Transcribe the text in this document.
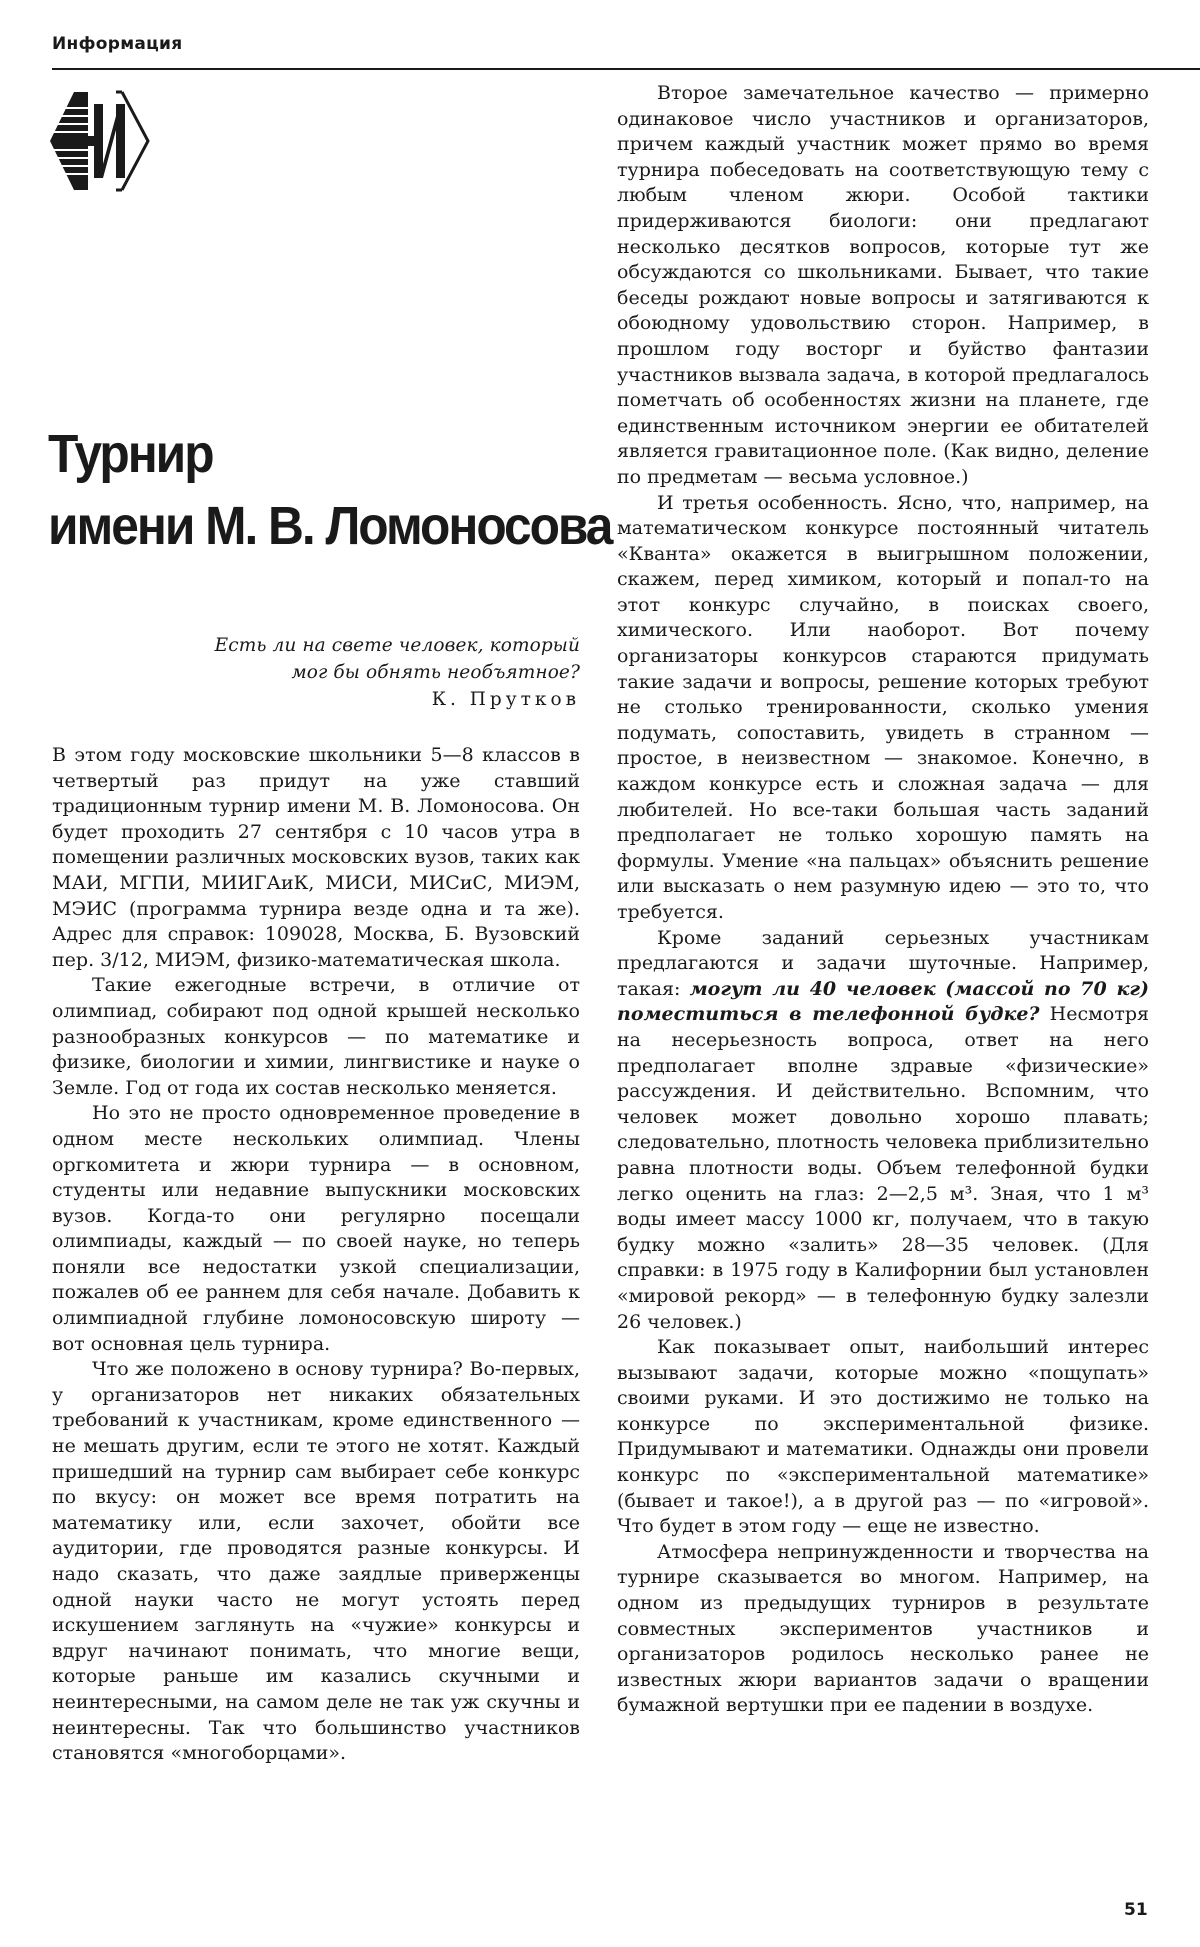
Информация
Турнир
имени М. В. Ломоносова
Есть ли на свете человек, который
мог бы обнять необъятное?
К. Прутков

В этом году московские школьники 5—8 классов в четвертый раз придут на уже ставший традиционным турнир имени М. В. Ломоносова. Он будет проходить 27 сентября с 10 часов утра в помещении различных московских вузов, таких как МАИ, МГПИ, МИИГАиК, МИСИ, МИСиС, МИЭМ, МЭИС (программа турнира везде одна и та же). Адрес для справок: 109028, Москва, Б. Вузовский пер. 3/12, МИЭМ, физико-математическая школа.

Такие ежегодные встречи, в отличие от олимпиад, собирают под одной крышей несколько разнообразных конкурсов — по математике и физике, биологии и химии, лингвистике и науке о Земле. Год от года их состав несколько меняется.

Но это не просто одновременное проведение в одном месте нескольких олимпиад. Члены оргкомитета и жюри турнира — в основном, студенты или недавние выпускники московских вузов. Когда-то они регулярно посещали олимпиады, каждый — по своей науке, но теперь поняли все недостатки узкой специализации, пожалев об ее раннем для себя начале. Добавить к олимпиадной глубине ломоносовскую широту — вот основная цель турнира.

Что же положено в основу турнира? Во-первых, у организаторов нет никаких обязательных требований к участникам, кроме единственного — не мешать другим, если те этого не хотят. Каждый пришедший на турнир сам выбирает себе конкурс по вкусу: он может все время потратить на математику или, если захочет, обойти все аудитории, где проводятся разные конкурсы. И надо сказать, что даже заядлые приверженцы одной науки часто не могут устоять перед искушением заглянуть на «чужие» конкурсы и вдруг начинают понимать, что многие вещи, которые раньше им казались скучными и неинтересными, на самом деле не так уж скучны и неинтересны. Так что большинство участников становятся «многоборцами».

Второе замечательное качество — примерно одинаковое число участников и организаторов, причем каждый участник может прямо во время турнира побеседовать на соответствующую тему с любым членом жюри. Особой тактики придерживаются биологи: они предлагают несколько десятков вопросов, которые тут же обсуждаются со школьниками. Бывает, что такие беседы рождают новые вопросы и затягиваются к обоюдному удовольствию сторон. Например, в прошлом году восторг и буйство фантазии участников вызвала задача, в которой предлагалось пометчать об особенностях жизни на планете, где единственным источником энергии ее обитателей является гравитационное поле. (Как видно, деление по предметам — весьма условное.)

И третья особенность. Ясно, что, например, на математическом конкурсе постоянный читатель «Кванта» окажется в выигрышном положении, скажем, перед химиком, который и попал-то на этот конкурс случайно, в поисках своего, химического. Или наоборот. Вот почему организаторы конкурсов стараются придумать такие задачи и вопросы, решение которых требуют не столько тренированности, сколько умения подумать, сопоставить, увидеть в странном — простое, в неизвестном — знакомое. Конечно, в каждом конкурсе есть и сложная задача — для любителей. Но все-таки большая часть заданий предполагает не только хорошую память на формулы. Умение «на пальцах» объяснить решение или высказать о нем разумную идею — это то, что требуется.

Кроме заданий серьезных участникам предлагаются и задачи шуточные. Например, такая: могут ли 40 человек (массой по 70 кг) поместиться в телефонной будке? Несмотря на несерьезность вопроса, ответ на него предполагает вполне здравые «физические» рассуждения. И действительно. Вспомним, что человек может довольно хорошо плавать; следовательно, плотность человека приблизительно равна плотности воды. Объем телефонной будки легко оценить на глаз: 2—2,5 м³. Зная, что 1 м³ воды имеет массу 1000 кг, получаем, что в такую будку можно «залить» 28—35 человек. (Для справки: в 1975 году в Калифорнии был установлен «мировой рекорд» — в телефонную будку залезли 26 человек.)

Как показывает опыт, наибольший интерес вызывают задачи, которые можно «пощупать» своими руками. И это достижимо не только на конкурсе по экспериментальной физике. Придумывают и математики. Однажды они провели конкурс по «экспериментальной математике» (бывает и такое!), а в другой раз — по «игровой». Что будет в этом году — еще не известно.

Атмосфера непринужденности и творчества на турнире сказывается во многом. Например, на одном из предыдущих турниров в результате совместных экспериментов участников и организаторов родилось несколько ранее не известных жюри вариантов задачи о вращении бумажной вертушки при ее падении в воздухе.

51
